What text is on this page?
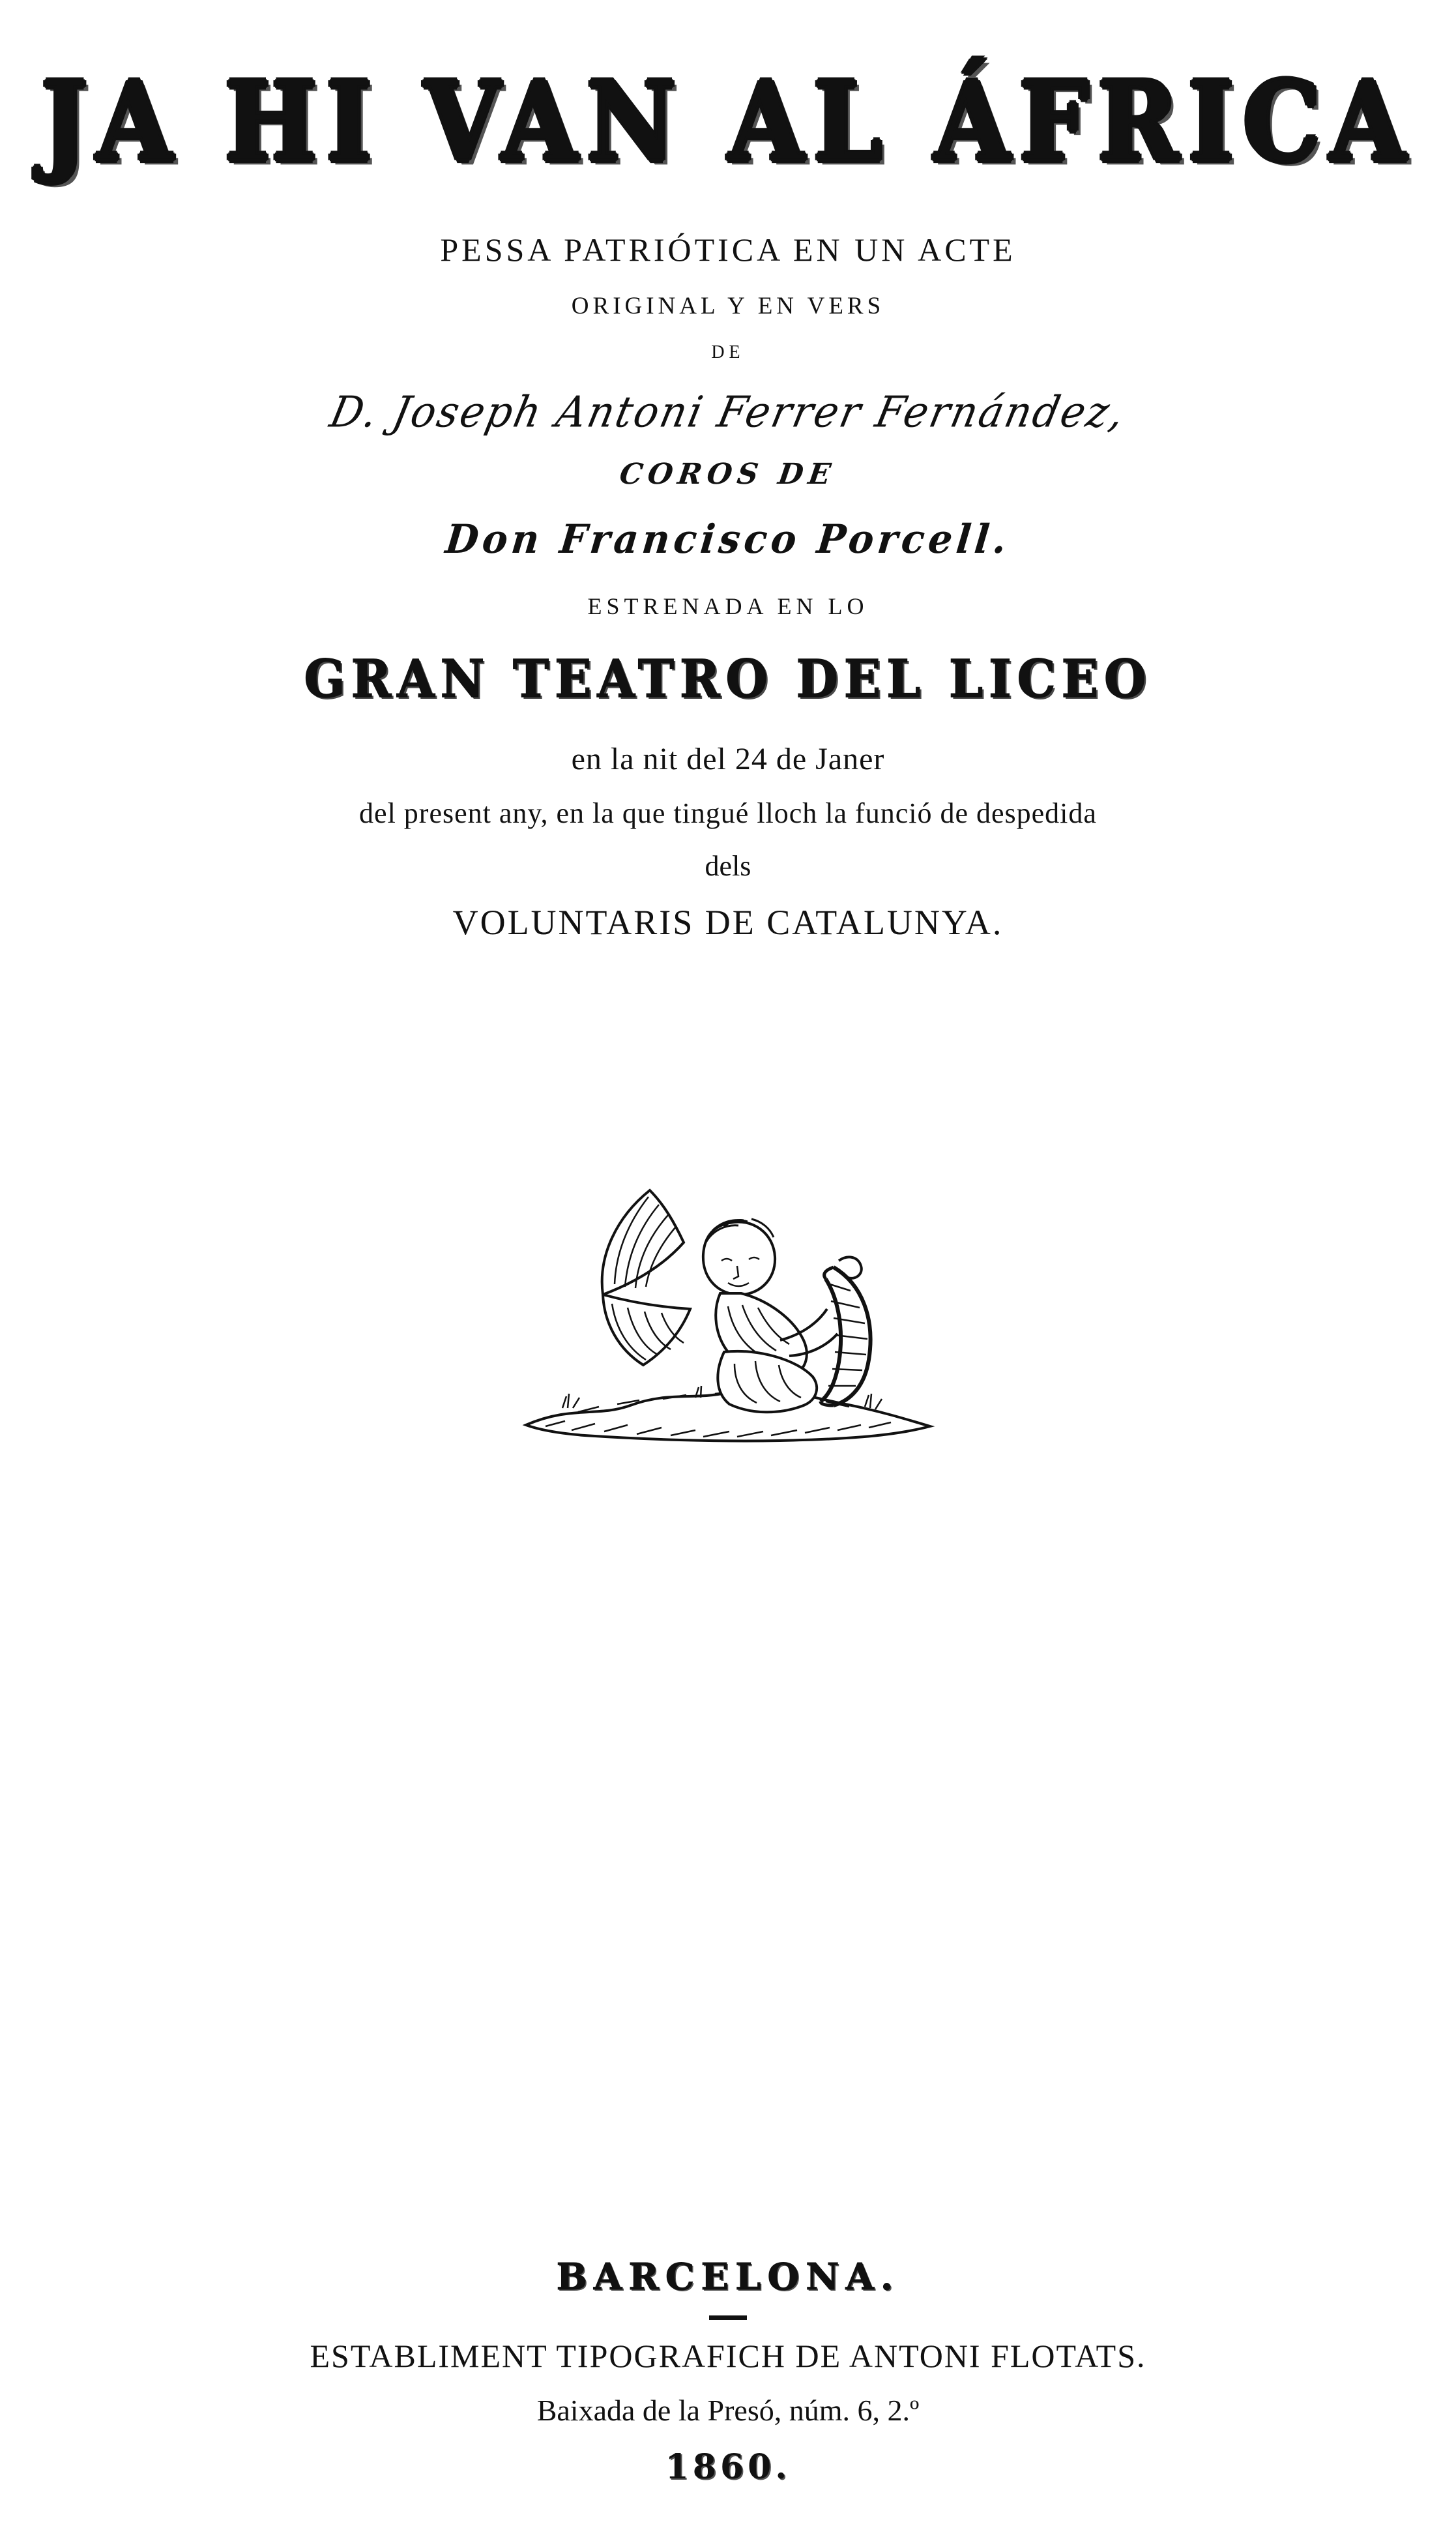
JA HI VAN AL ÁFRICA
PESSA PATRIÓTICA EN UN ACTE
ORIGINAL Y EN VERS
DE
D. Joseph Antoni Ferrer Fernández,
COROS DE
Don Francisco Porcell.
ESTRENADA EN LO
GRAN TEATRO DEL LICEO
en la nit del 24 de Janer
del present any, en la que tingué lloch la funció de despedida
dels
VOLUNTARIS DE CATALUNYA.
BARCELONA.
ESTABLIMENT TIPOGRAFICH DE ANTONI FLOTATS.
Baixada de la Presó, núm. 6, 2.º
1860.
